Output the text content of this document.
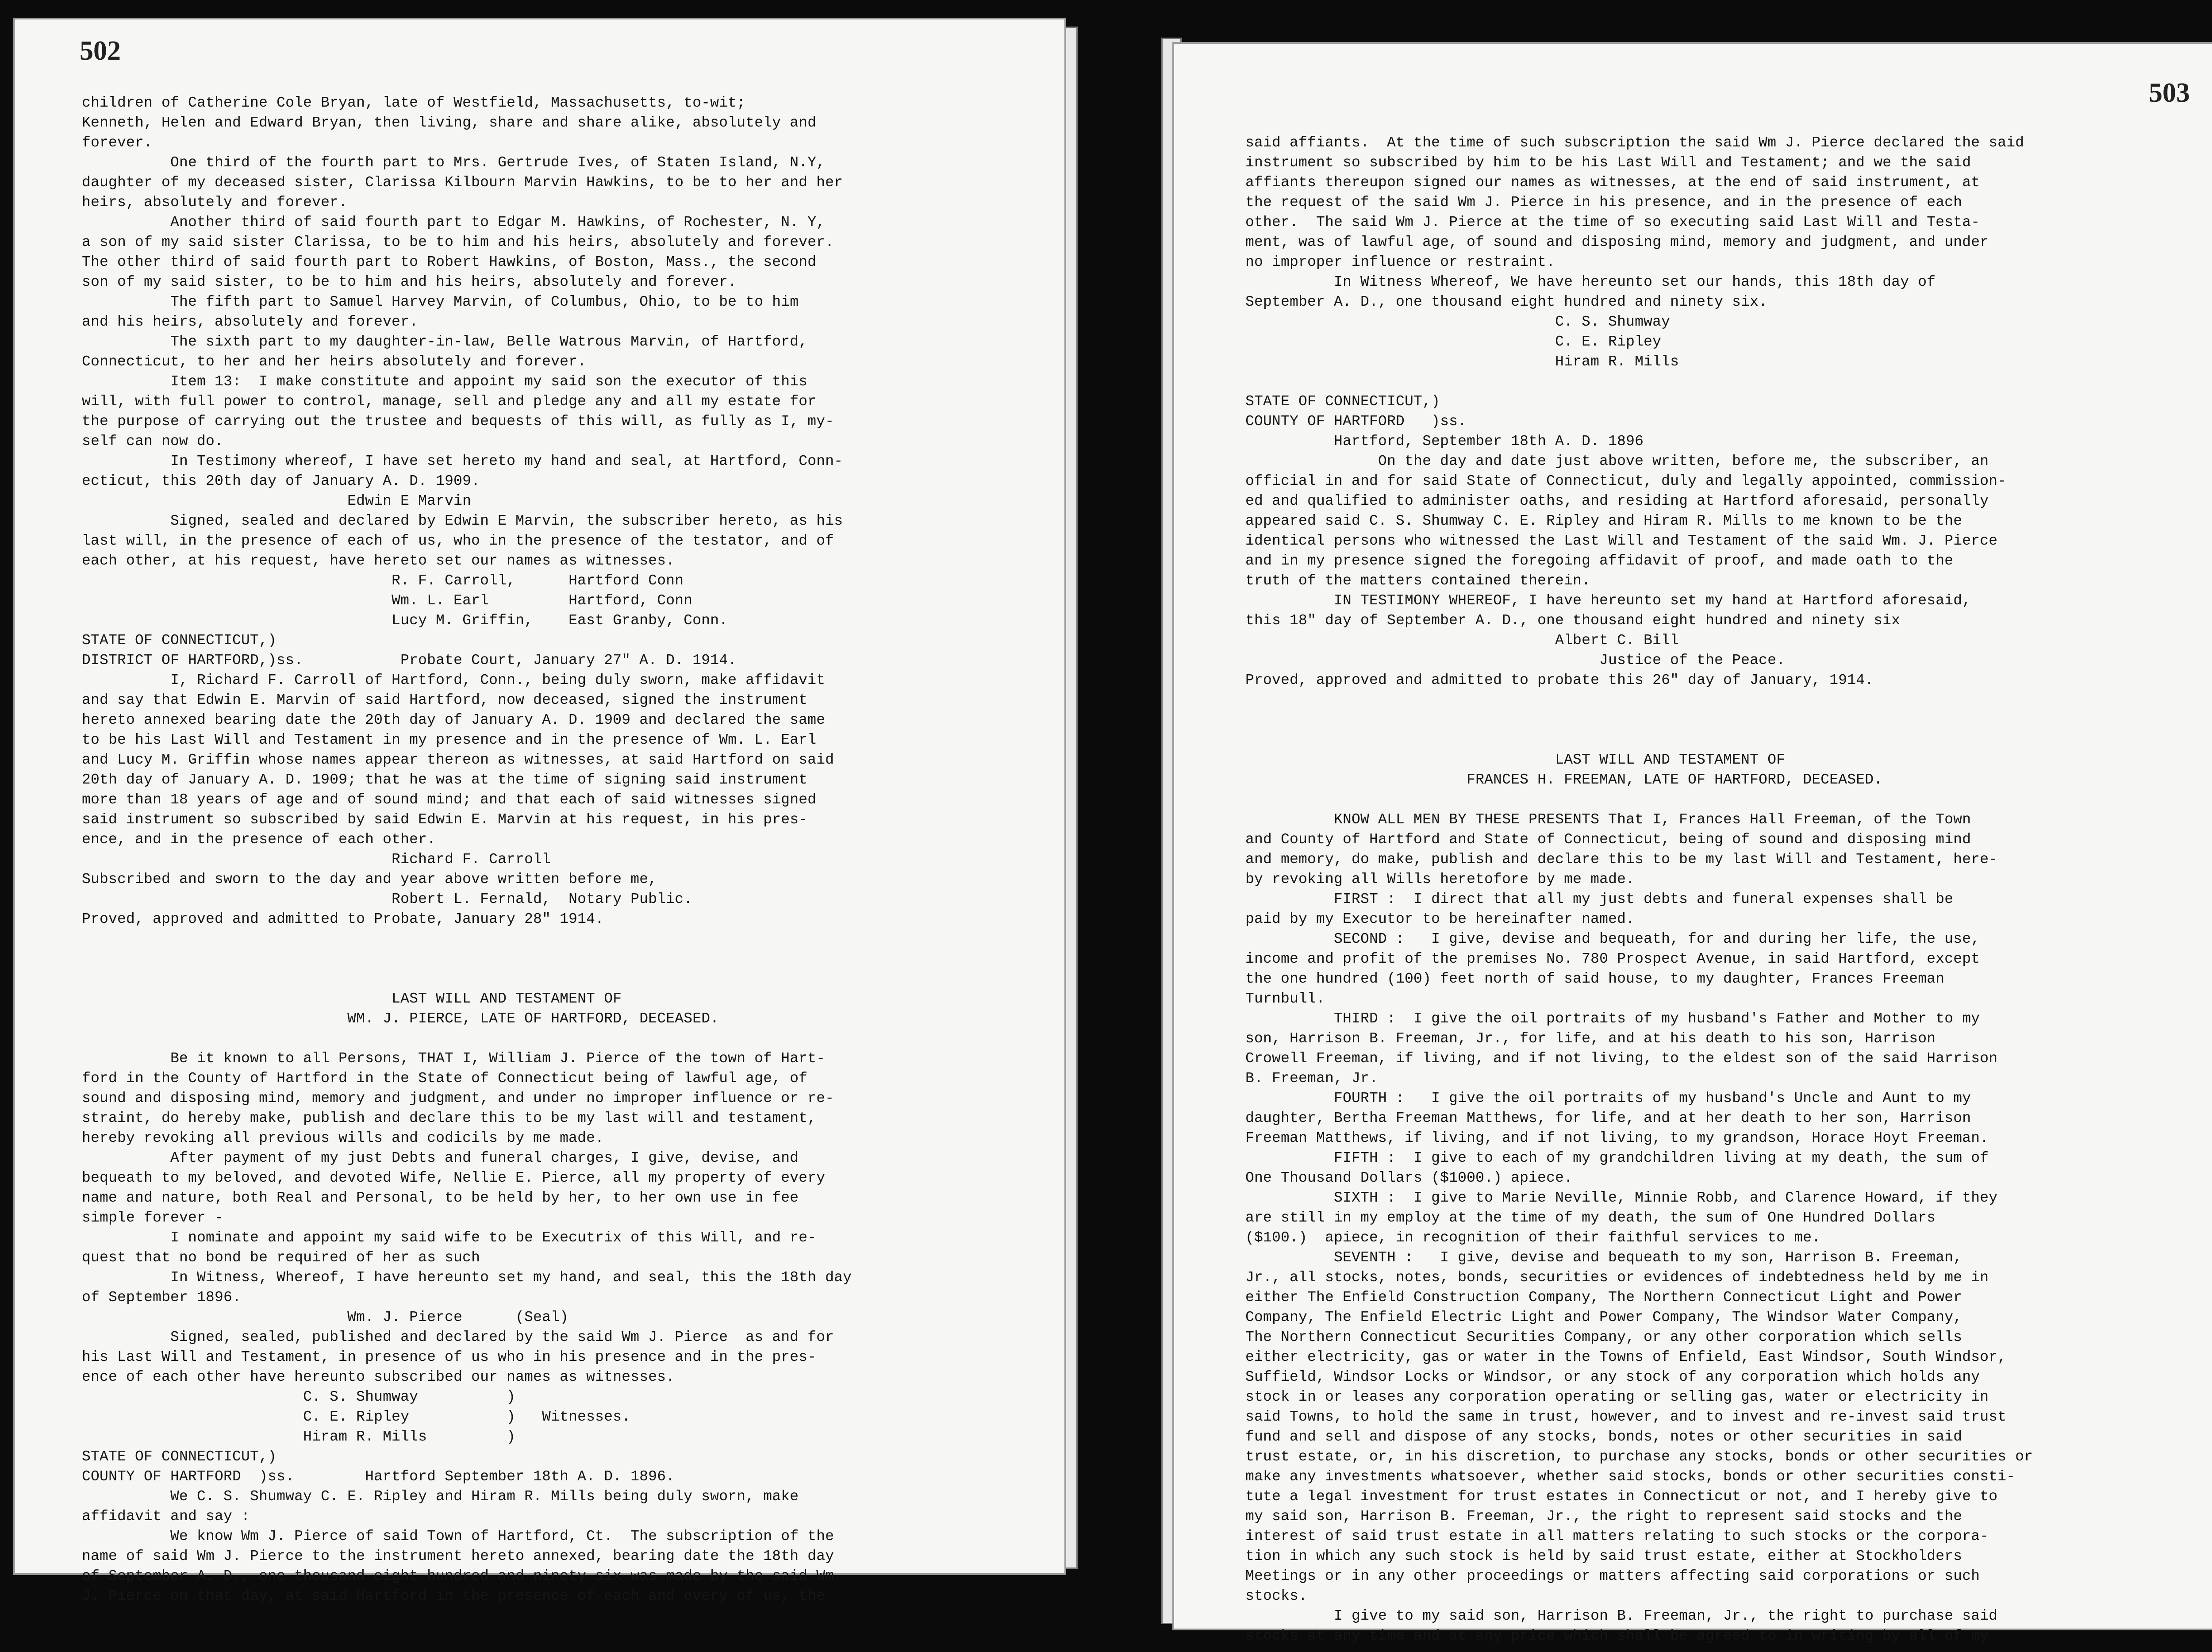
502
children of Catherine Cole Bryan, late of Westfield, Massachusetts, to-wit;
Kenneth, Helen and Edward Bryan, then living, share and share alike, absolutely and
forever.
One third of the fourth part to Mrs. Gertrude Ives, of Staten Island, N.Y,
daughter of my deceased sister, Clarissa Kilbourn Marvin Hawkins, to be to her and her
heirs, absolutely and forever.
Another third of said fourth part to Edgar M. Hawkins, of Rochester, N. Y,
a son of my said sister Clarissa, to be to him and his heirs, absolutely and forever.
The other third of said fourth part to Robert Hawkins, of Boston, Mass., the second
son of my said sister, to be to him and his heirs, absolutely and forever.
The fifth part to Samuel Harvey Marvin, of Columbus, Ohio, to be to him
and his heirs, absolutely and forever.
The sixth part to my daughter-in-law, Belle Watrous Marvin, of Hartford,
Connecticut, to her and her heirs absolutely and forever.
Item 13:  I make constitute and appoint my said son the executor of this
will, with full power to control, manage, sell and pledge any and all my estate for
the purpose of carrying out the trustee and bequests of this will, as fully as I, my-
self can now do.
In Testimony whereof, I have set hereto my hand and seal, at Hartford, Conn-
ecticut, this 20th day of January A. D. 1909.
Edwin E Marvin
Signed, sealed and declared by Edwin E Marvin, the subscriber hereto, as his
last will, in the presence of each of us, who in the presence of the testator, and of
each other, at his request, have hereto set our names as witnesses.
R. F. Carroll,      Hartford Conn
Wm. L. Earl         Hartford, Conn
Lucy M. Griffin,    East Granby, Conn.
STATE OF CONNECTICUT,)
DISTRICT OF HARTFORD,)ss.           Probate Court, January 27" A. D. 1914.
I, Richard F. Carroll of Hartford, Conn., being duly sworn, make affidavit
and say that Edwin E. Marvin of said Hartford, now deceased, signed the instrument
hereto annexed bearing date the 20th day of January A. D. 1909 and declared the same
to be his Last Will and Testament in my presence and in the presence of Wm. L. Earl
and Lucy M. Griffin whose names appear thereon as witnesses, at said Hartford on said
20th day of January A. D. 1909; that he was at the time of signing said instrument
more than 18 years of age and of sound mind; and that each of said witnesses signed
said instrument so subscribed by said Edwin E. Marvin at his request, in his pres-
ence, and in the presence of each other.
Richard F. Carroll
Subscribed and sworn to the day and year above written before me,
Robert L. Fernald,  Notary Public.
Proved, approved and admitted to Probate, January 28" 1914.
LAST WILL AND TESTAMENT OF
WM. J. PIERCE, LATE OF HARTFORD, DECEASED.
Be it known to all Persons, THAT I, William J. Pierce of the town of Hart-
ford in the County of Hartford in the State of Connecticut being of lawful age, of
sound and disposing mind, memory and judgment, and under no improper influence or re-
straint, do hereby make, publish and declare this to be my last will and testament,
hereby revoking all previous wills and codicils by me made.
After payment of my just Debts and funeral charges, I give, devise, and
bequeath to my beloved, and devoted Wife, Nellie E. Pierce, all my property of every
name and nature, both Real and Personal, to be held by her, to her own use in fee
simple forever -
I nominate and appoint my said wife to be Executrix of this Will, and re-
quest that no bond be required of her as such
In Witness, Whereof, I have hereunto set my hand, and seal, this the 18th day
of September 1896.
Wm. J. Pierce      (Seal)
Signed, sealed, published and declared by the said Wm J. Pierce  as and for
his Last Will and Testament, in presence of us who in his presence and in the pres-
ence of each other have hereunto subscribed our names as witnesses.
C. S. Shumway          )
C. E. Ripley           )   Witnesses.
Hiram R. Mills         )
STATE OF CONNECTICUT,)
COUNTY OF HARTFORD  )ss.        Hartford September 18th A. D. 1896.
We C. S. Shumway C. E. Ripley and Hiram R. Mills being duly sworn, make
affidavit and say :
We know Wm J. Pierce of said Town of Hartford, Ct.  The subscription of the
name of said Wm J. Pierce to the instrument hereto annexed, bearing date the 18th day
of September A. D., one thousand eight hundred and ninety six was made by the said Wm
J. Pierce on that day, at said Hartford in the presence of each and every of us, the
503
said affiants.  At the time of such subscription the said Wm J. Pierce declared the said
instrument so subscribed by him to be his Last Will and Testament; and we the said
affiants thereupon signed our names as witnesses, at the end of said instrument, at
the request of the said Wm J. Pierce in his presence, and in the presence of each
other.  The said Wm J. Pierce at the time of so executing said Last Will and Testa-
ment, was of lawful age, of sound and disposing mind, memory and judgment, and under
no improper influence or restraint.
In Witness Whereof, We have hereunto set our hands, this 18th day of
September A. D., one thousand eight hundred and ninety six.
C. S. Shumway
C. E. Ripley
Hiram R. Mills
STATE OF CONNECTICUT,)
COUNTY OF HARTFORD   )ss.
Hartford, September 18th A. D. 1896
On the day and date just above written, before me, the subscriber, an
official in and for said State of Connecticut, duly and legally appointed, commission-
ed and qualified to administer oaths, and residing at Hartford aforesaid, personally
appeared said C. S. Shumway C. E. Ripley and Hiram R. Mills to me known to be the
identical persons who witnessed the Last Will and Testament of the said Wm. J. Pierce
and in my presence signed the foregoing affidavit of proof, and made oath to the
truth of the matters contained therein.
IN TESTIMONY WHEREOF, I have hereunto set my hand at Hartford aforesaid,
this 18" day of September A. D., one thousand eight hundred and ninety six
Albert C. Bill
Justice of the Peace.
Proved, approved and admitted to probate this 26" day of January, 1914.
LAST WILL AND TESTAMENT OF
FRANCES H. FREEMAN, LATE OF HARTFORD, DECEASED.
KNOW ALL MEN BY THESE PRESENTS That I, Frances Hall Freeman, of the Town
and County of Hartford and State of Connecticut, being of sound and disposing mind
and memory, do make, publish and declare this to be my last Will and Testament, here-
by revoking all Wills heretofore by me made.
FIRST :  I direct that all my just debts and funeral expenses shall be
paid by my Executor to be hereinafter named.
SECOND :   I give, devise and bequeath, for and during her life, the use,
income and profit of the premises No. 780 Prospect Avenue, in said Hartford, except
the one hundred (100) feet north of said house, to my daughter, Frances Freeman
Turnbull.
THIRD :  I give the oil portraits of my husband's Father and Mother to my
son, Harrison B. Freeman, Jr., for life, and at his death to his son, Harrison
Crowell Freeman, if living, and if not living, to the eldest son of the said Harrison
B. Freeman, Jr.
FOURTH :   I give the oil portraits of my husband's Uncle and Aunt to my
daughter, Bertha Freeman Matthews, for life, and at her death to her son, Harrison
Freeman Matthews, if living, and if not living, to my grandson, Horace Hoyt Freeman.
FIFTH :  I give to each of my grandchildren living at my death, the sum of
One Thousand Dollars ($1000.) apiece.
SIXTH :  I give to Marie Neville, Minnie Robb, and Clarence Howard, if they
are still in my employ at the time of my death, the sum of One Hundred Dollars
($100.)  apiece, in recognition of their faithful services to me.
SEVENTH :   I give, devise and bequeath to my son, Harrison B. Freeman,
Jr., all stocks, notes, bonds, securities or evidences of indebtedness held by me in
either The Enfield Construction Company, The Northern Connecticut Light and Power
Company, The Enfield Electric Light and Power Company, The Windsor Water Company,
The Northern Connecticut Securities Company, or any other corporation which sells
either electricity, gas or water in the Towns of Enfield, East Windsor, South Windsor,
Suffield, Windsor Locks or Windsor, or any stock of any corporation which holds any
stock in or leases any corporation operating or selling gas, water or electricity in
said Towns, to hold the same in trust, however, and to invest and re-invest said trust
fund and sell and dispose of any stocks, bonds, notes or other securities in said
trust estate, or, in his discretion, to purchase any stocks, bonds or other securities or
make any investments whatsoever, whether said stocks, bonds or other securities consti-
tute a legal investment for trust estates in Connecticut or not, and I hereby give to
my said son, Harrison B. Freeman, Jr., the right to represent said stocks and the
interest of said trust estate in all matters relating to such stocks or the corpora-
tion in which any such stock is held by said trust estate, either at Stockholders
Meetings or in any other proceedings or matters affecting said corporations or such
stocks.
I give to my said son, Harrison B. Freeman, Jr., the right to purchase said
stocks at any time and at any price which shall be agreed to in writing by all of my
